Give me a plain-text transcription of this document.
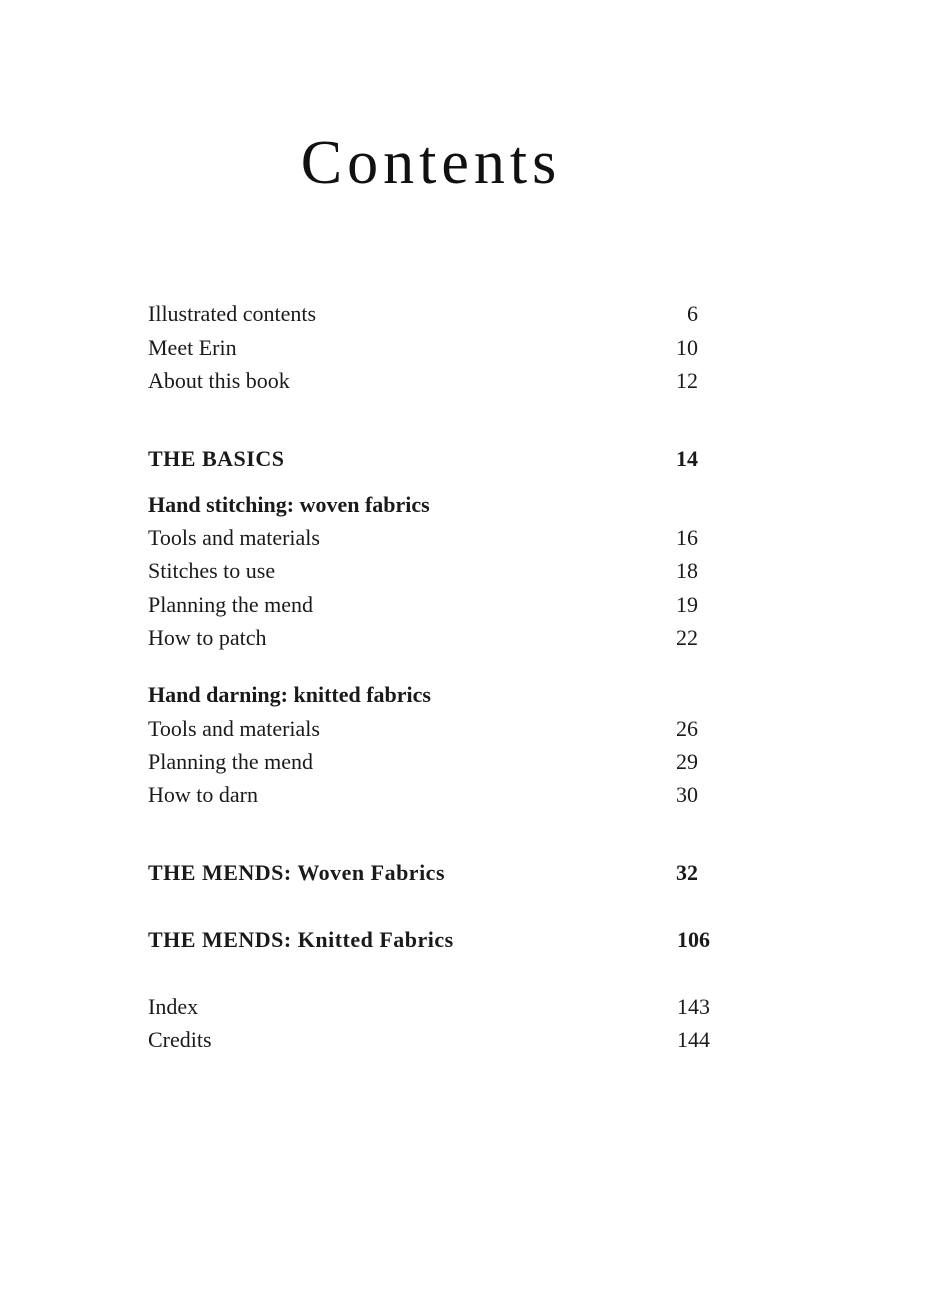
Contents
Illustrated contents	6
Meet Erin	10
About this book	12
THE BASICS	14
Hand stitching: woven fabrics
Tools and materials	16
Stitches to use	18
Planning the mend	19
How to patch	22
Hand darning: knitted fabrics
Tools and materials	26
Planning the mend	29
How to darn	30
THE MENDS: Woven Fabrics	32
THE MENDS: Knitted Fabrics	106
Index	143
Credits	144
